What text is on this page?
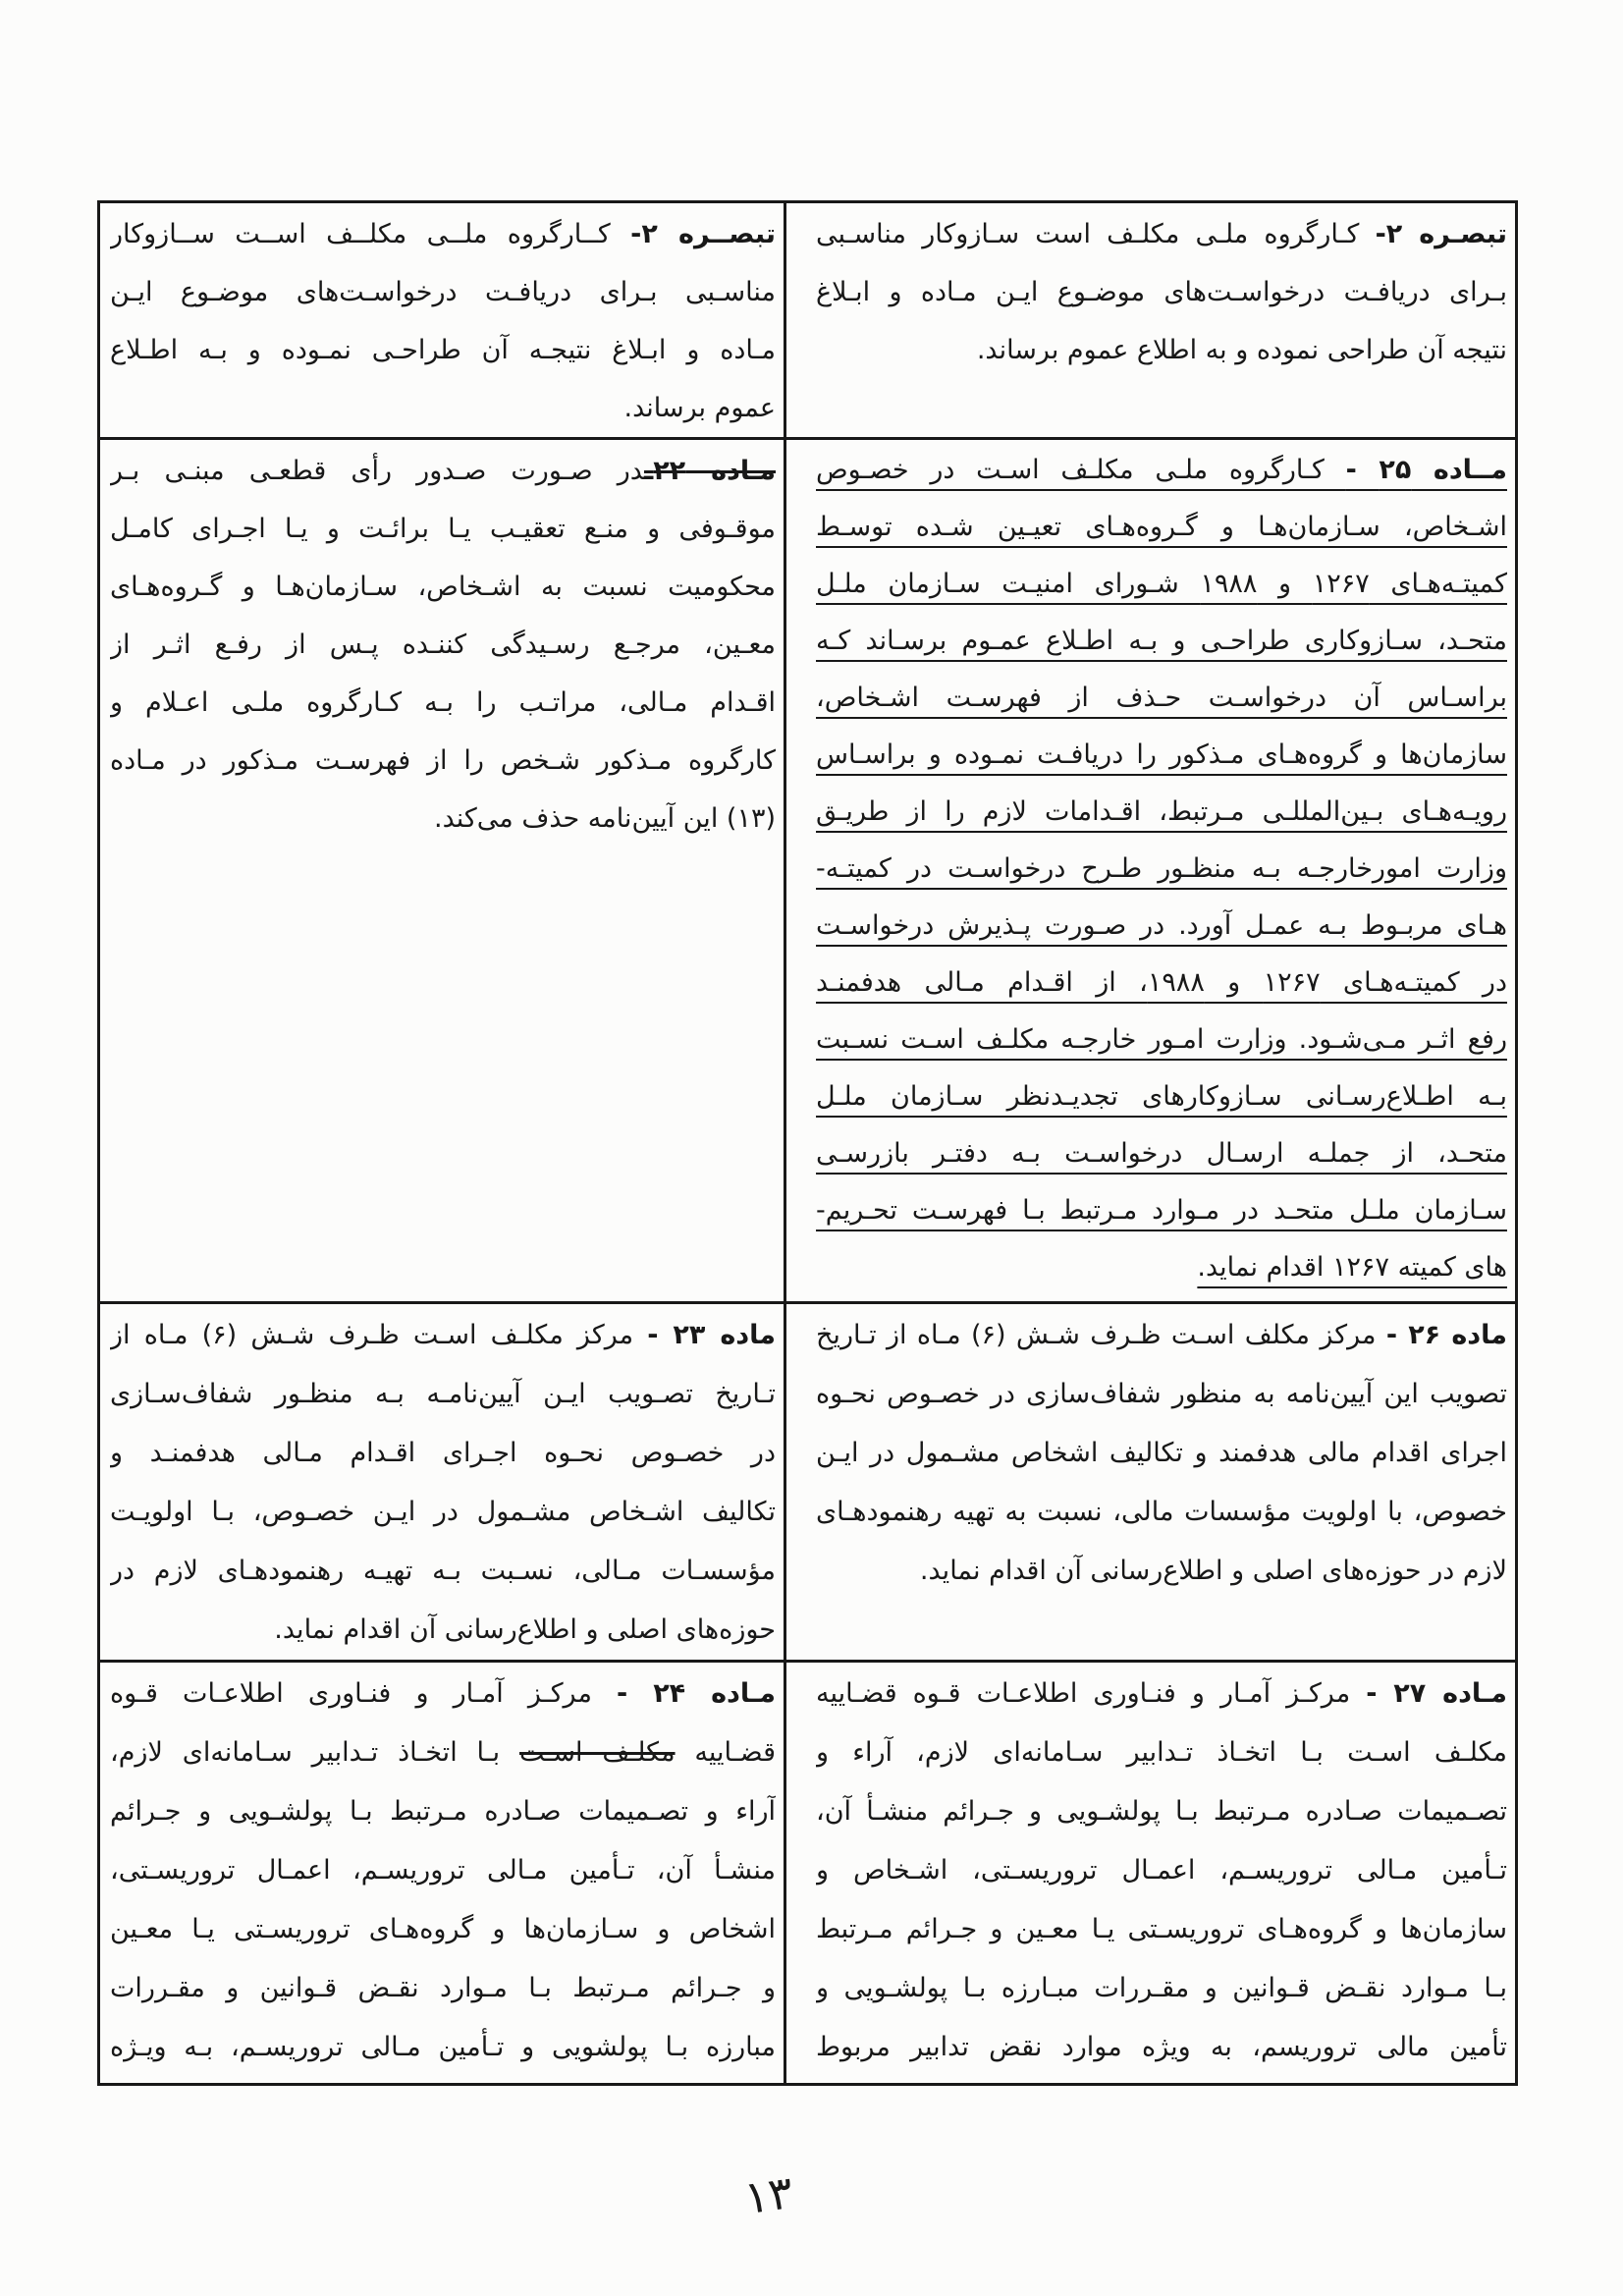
تبصـره ۲- کـارگروه ملـی مکلـف است سـازوکار مناسـبی
بـرای دریافـت درخواسـت‌های موضـوع ایـن مـاده و ابـلاغ
نتیجه آن طراحی نموده و به اطلاع عموم برساند.
تبصــره ۲- کــارگروه ملــی مکلــف اســت ســازوکار
مناسـبی بـرای دریافـت درخواسـت‌های موضـوع ایـن
مـاده و ابـلاغ نتیجـه آن طراحـی نمـوده و بـه اطـلاع
عموم برساند.
مــاده ۲۵ - کـارگروه ملـی مکلـف اسـت در خصـوص
اشـخاص، سـازمان‌هـا و گـروه‌هـای تعیـین شـده توسـط
کمیتـه‌هـای ۱۲۶۷ و ۱۹۸۸ شـورای امنیـت سـازمان ملـل
متحـد، سـازوکاری طراحـی و بـه اطـلاع عمـوم برسـاند کـه
براسـاس آن درخواسـت حـذف از فهرسـت اشـخاص،
سازمان‌ها و گروه‌هـای مـذکور را دریافـت نمـوده و براسـاس
رویـه‌هـای بـین‌المللـی مـرتبط، اقـدامات لازم را از طریـق
وزارت امورخارجـه بـه منظـور طـرح درخواسـت در کمیتـه-
هـای مربـوط بـه عمـل آورد. در صـورت پـذیرش درخواسـت
در کمیتـه‌هـای ۱۲۶۷ و ۱۹۸۸، از اقـدام مـالی هدفمنـد
رفع اثـر مـی‌شـود. وزارت امـور خارجـه مکلـف اسـت نسـبت
بـه اطـلاع‌رسـانی سـازوکارهای تجدیـدنظر سـازمان ملـل
متحـد، از جملـه ارسـال درخواسـت بـه دفتـر بازرسـی
سـازمان ملـل متحـد در مـوارد مـرتبط بـا فهرسـت تحـریم-
های کمیته ۱۲۶۷ اقدام نماید.
مـاده ۲۲ـدر صـورت صـدور رأی قطعـی مبنـی بـر
موقـوفی و منـع تعقیـب یـا برائـت و یـا اجـرای کامـل
محکومیت نسبت به اشـخاص، سـازمان‌هـا و گـروه‌هـای
معـین، مرجـع رسـیدگی کننـده پـس از رفـع اثـر از
اقـدام مـالی، مراتـب را بـه کـارگروه ملـی اعـلام و
کارگروه مـذکور شـخص را از فهرسـت مـذکور در مـاده
(۱۳) این آیین‌نامه حذف می‌کند.
ماده ۲۶ - مرکز مکلف اسـت ظـرف شـش (۶) مـاه از تـاریخ
تصویب این آیین‌نامه به منظور شفاف‌سازی در خصـوص نحـوه
اجرای اقدام مالی هدفمند و تکالیف اشخاص مشـمول در ایـن
خصوص، با اولویت مؤسسات مالی، نسبت به تهیه رهنمودهـای
لازم در حوزه‌های اصلی و اطلاع‌رسانی آن اقدام نماید.
ماده ۲۳ - مرکز مکلـف اسـت ظـرف شـش (۶) مـاه از
تـاریخ تصـویب ایـن آیین‌نامـه بـه منظـور شفاف‌سـازی
در خصـوص نحـوه اجـرای اقـدام مـالی هدفمنـد و
تکالیف اشـخاص مشـمول در ایـن خصـوص، بـا اولویـت
مؤسسـات مـالی، نسـبت بـه تهیـه رهنمودهـای لازم در
حوزه‌های اصلی و اطلاع‌رسانی آن اقدام نماید.
مـاده ۲۷ - مرکـز آمـار و فنـاوری اطلاعـات قـوه قضـاییه
مکلـف اسـت بـا اتخـاذ تـدابیر سـامانه‌ای لازم، آراء و
تصـمیمات صـادره مـرتبط بـا پولشـویی و جـرائم منشـأ آن،
تـأمین مـالی تروریسـم، اعمـال تروریسـتی، اشـخاص و
سازمان‌ها و گروه‌هـای تروریسـتی یـا معـین و جـرائم مـرتبط
بـا مـوارد نقـض قـوانین و مقـررات مبـارزه بـا پولشـویی و
تأمین مالی تروریسم، به ویژه موارد نقض تدابیر مربوط
مـاده ۲۴ - مرکـز آمـار و فنـاوری اطلاعـات قـوه
قضـاییه مکلـف اسـت بـا اتخـاذ تـدابیر سـامانه‌ای لازم،
آراء و تصـمیمات صـادره مـرتبط بـا پولشـویی و جـرائم
منشـأ آن، تـأمین مـالی تروریسـم، اعمـال تروریسـتی،
اشخاص و سـازمان‌ها و گروه‌هـای تروریسـتی یـا معـین
و جـرائم مـرتبط بـا مـوارد نقـض قـوانین و مقـررات
مبارزه بـا پولشویی و تـأمین مـالی تروریسـم، بـه ویـژه
۱۳
